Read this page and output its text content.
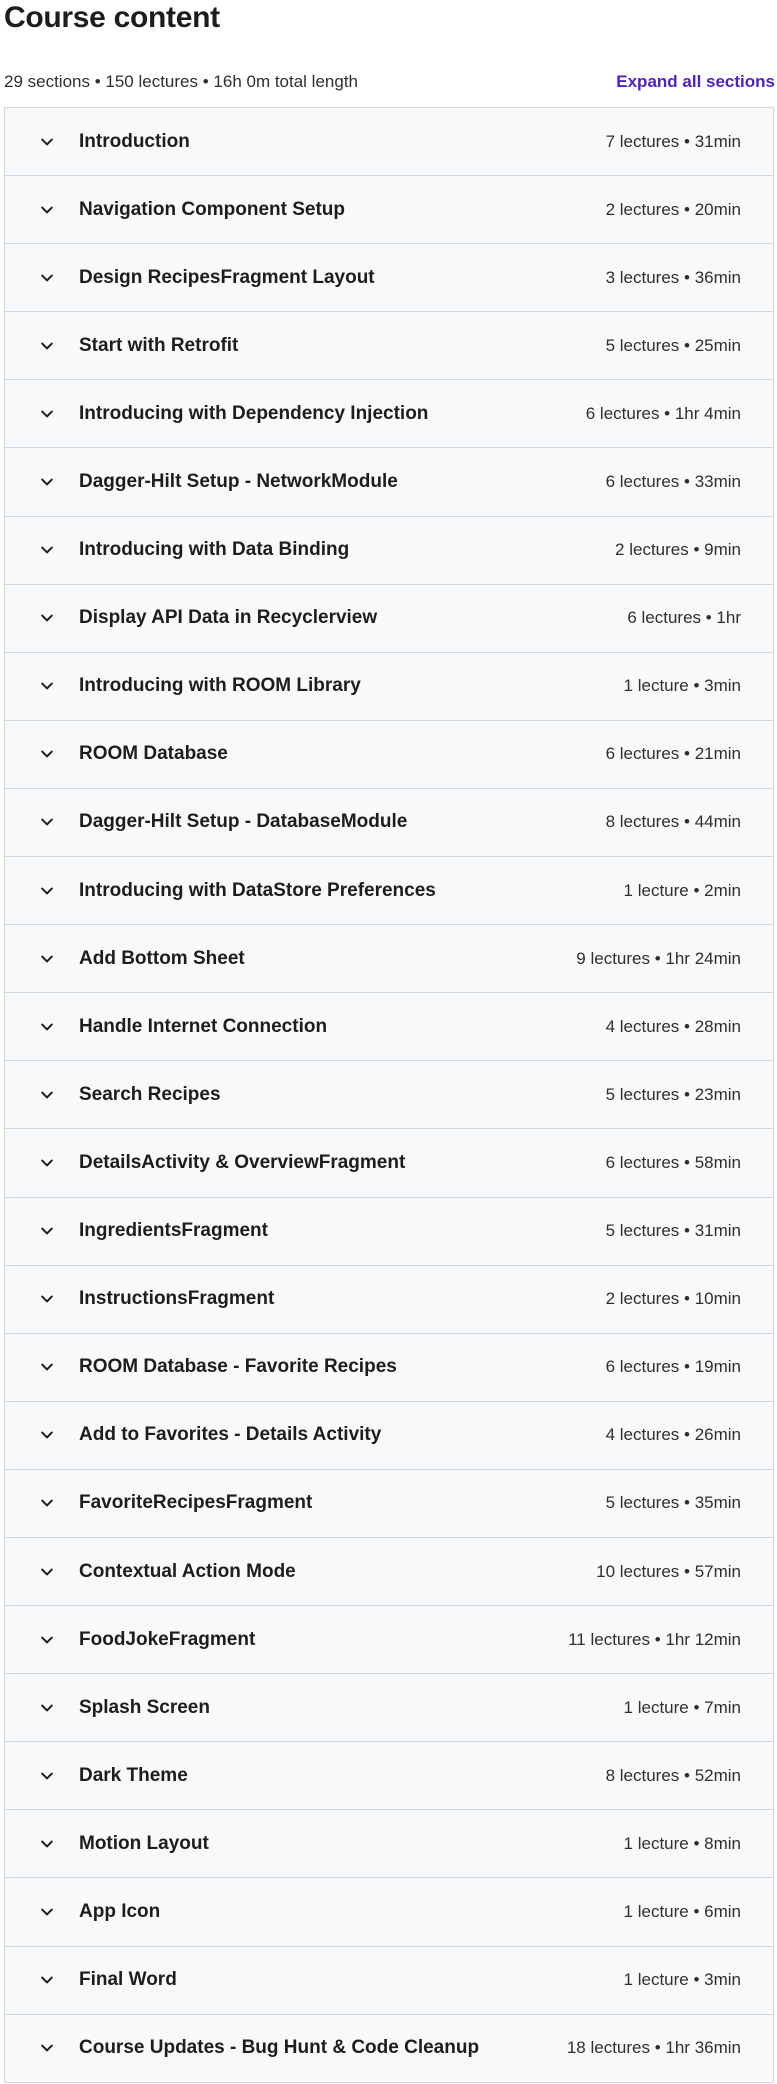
Course content
29 sections • 150 lectures • 16h 0m total length	Expand all sections
Introduction	7 lectures • 31min
Navigation Component Setup	2 lectures • 20min
Design RecipesFragment Layout	3 lectures • 36min
Start with Retrofit	5 lectures • 25min
Introducing with Dependency Injection	6 lectures • 1hr 4min
Dagger-Hilt Setup - NetworkModule	6 lectures • 33min
Introducing with Data Binding	2 lectures • 9min
Display API Data in Recyclerview	6 lectures • 1hr
Introducing with ROOM Library	1 lecture • 3min
ROOM Database	6 lectures • 21min
Dagger-Hilt Setup - DatabaseModule	8 lectures • 44min
Introducing with DataStore Preferences	1 lecture • 2min
Add Bottom Sheet	9 lectures • 1hr 24min
Handle Internet Connection	4 lectures • 28min
Search Recipes	5 lectures • 23min
DetailsActivity & OverviewFragment	6 lectures • 58min
IngredientsFragment	5 lectures • 31min
InstructionsFragment	2 lectures • 10min
ROOM Database - Favorite Recipes	6 lectures • 19min
Add to Favorites - Details Activity	4 lectures • 26min
FavoriteRecipesFragment	5 lectures • 35min
Contextual Action Mode	10 lectures • 57min
FoodJokeFragment	11 lectures • 1hr 12min
Splash Screen	1 lecture • 7min
Dark Theme	8 lectures • 52min
Motion Layout	1 lecture • 8min
App Icon	1 lecture • 6min
Final Word	1 lecture • 3min
Course Updates - Bug Hunt & Code Cleanup	18 lectures • 1hr 36min
